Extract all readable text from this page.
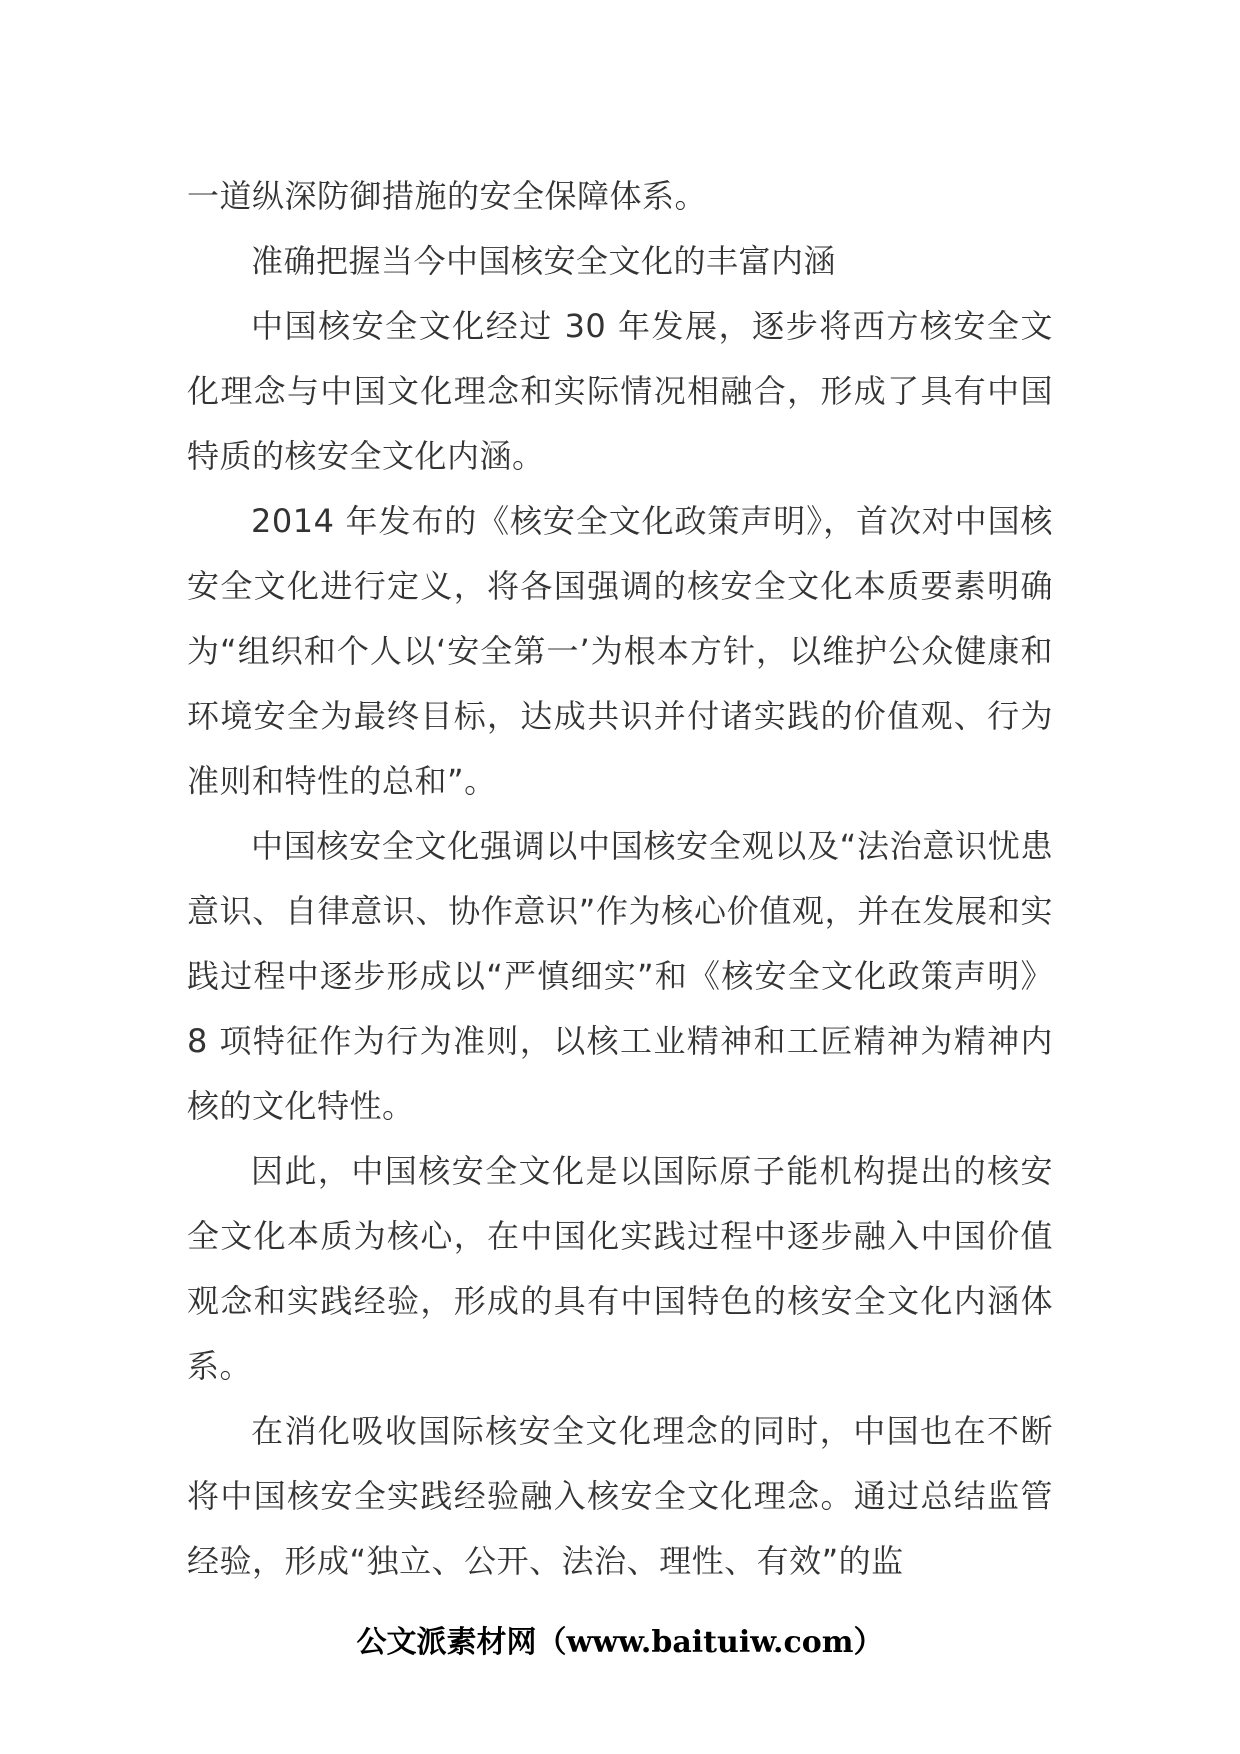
一道纵深防御措施的安全保障体系。

准确把握当今中国核安全文化的丰富内涵

中国核安全文化经过 30 年发展，逐步将西方核安全文化理念与中国文化理念和实际情况相融合，形成了具有中国特质的核安全文化内涵。

2014 年发布的《核安全文化政策声明》，首次对中国核安全文化进行定义，将各国强调的核安全文化本质要素明确为“组织和个人以‘安全第一’为根本方针，以维护公众健康和环境安全为最终目标，达成共识并付诸实践的价值观、行为准则和特性的总和”。

中国核安全文化强调以中国核安全观以及“法治意识忧患意识、自律意识、协作意识”作为核心价值观，并在发展和实践过程中逐步形成以“严慎细实”和《核安全文化政策声明》8 项特征作为行为准则，以核工业精神和工匠精神为精神内核的文化特性。

因此，中国核安全文化是以国际原子能机构提出的核安全文化本质为核心，在中国化实践过程中逐步融入中国价值观念和实践经验，形成的具有中国特色的核安全文化内涵体系。

在消化吸收国际核安全文化理念的同时，中国也在不断将中国核安全实践经验融入核安全文化理念。通过总结监管经验，形成“独立、公开、法治、理性、有效”的监

公文派素材网（www.baituiw.com）
